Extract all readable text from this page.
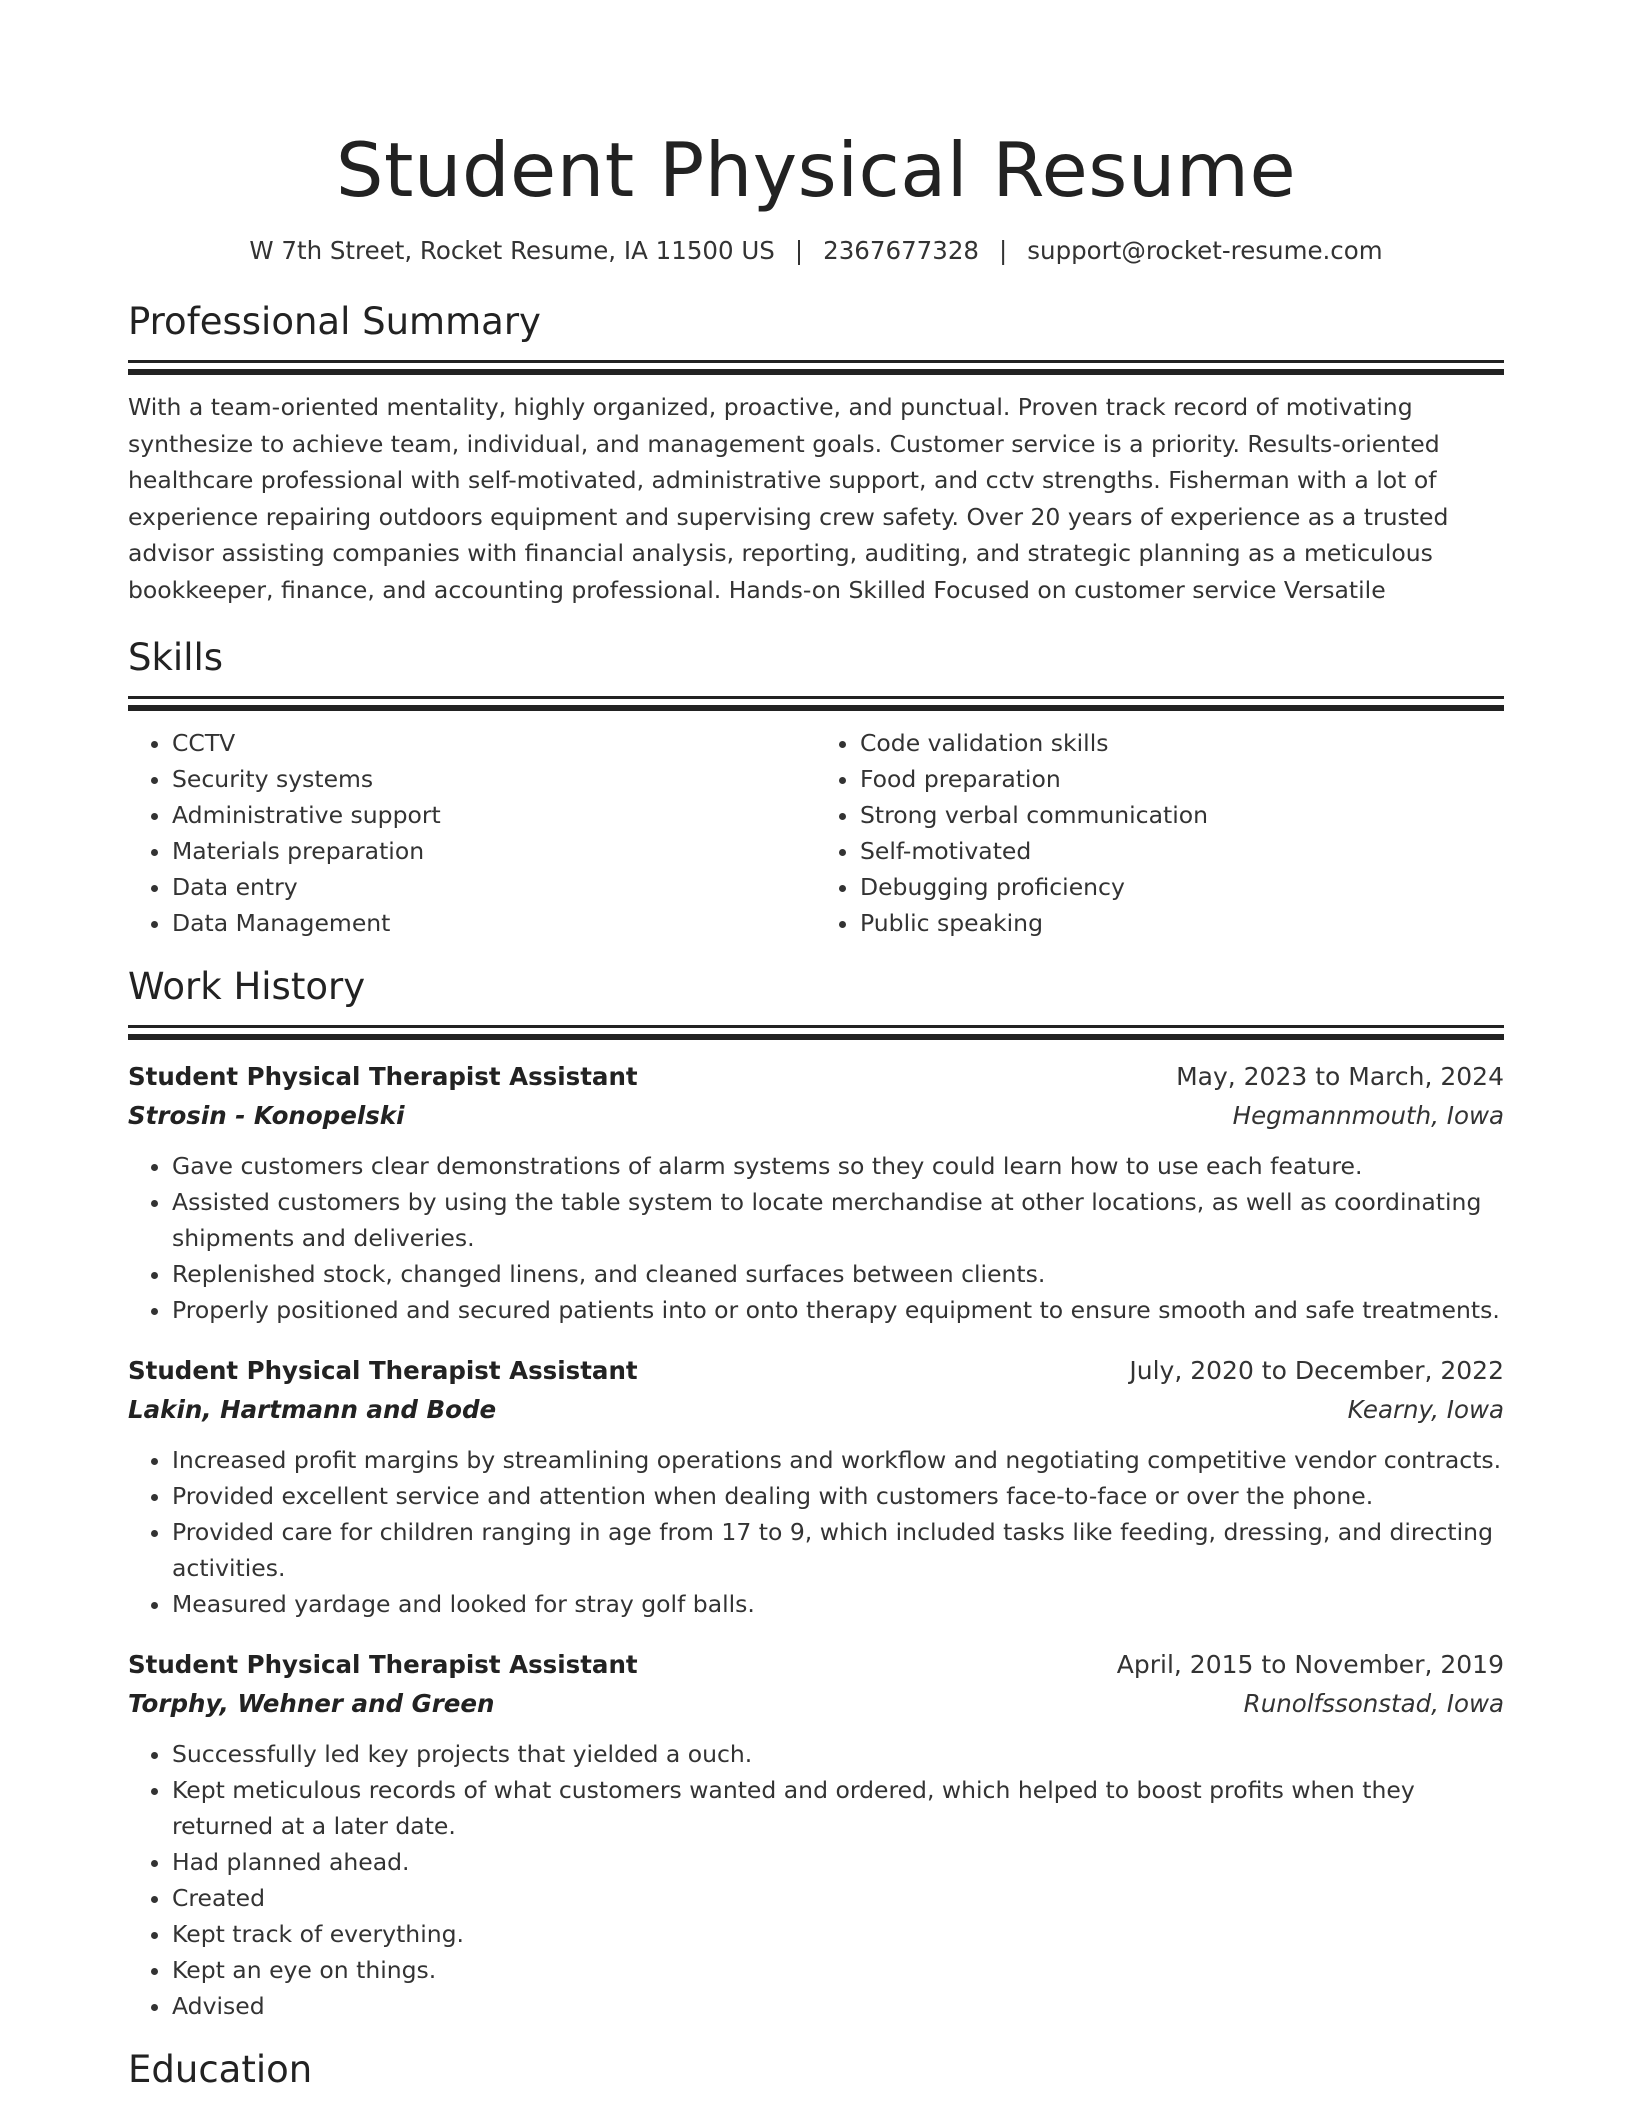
Student Physical Resume
W 7th Street, Rocket Resume, IA 11500 US | 2367677328 | support@rocket-resume.com
Professional Summary

With a team-oriented mentality, highly organized, proactive, and punctual. Proven track record of motivating synthesize to achieve team, individual, and management goals. Customer service is a priority. Results-oriented healthcare professional with self-motivated, administrative support, and cctv strengths. Fisherman with a lot of experience repairing outdoors equipment and supervising crew safety. Over 20 years of experience as a trusted advisor assisting companies with financial analysis, reporting, auditing, and strategic planning as a meticulous bookkeeper, finance, and accounting professional. Hands-on Skilled Focused on customer service Versatile

Skills
• CCTV
• Security systems
• Administrative support
• Materials preparation
• Data entry
• Data Management
• Code validation skills
• Food preparation
• Strong verbal communication
• Self-motivated
• Debugging proficiency
• Public speaking
Work History
Student Physical Therapist Assistant	May, 2023 to March, 2024
Strosin - Konopelski	Hegmannmouth, Iowa
• Gave customers clear demonstrations of alarm systems so they could learn how to use each feature.
• Assisted customers by using the table system to locate merchandise at other locations, as well as coordinating shipments and deliveries.
• Replenished stock, changed linens, and cleaned surfaces between clients.
• Properly positioned and secured patients into or onto therapy equipment to ensure smooth and safe treatments.
Student Physical Therapist Assistant	July, 2020 to December, 2022
Lakin, Hartmann and Bode	Kearny, Iowa
• Increased profit margins by streamlining operations and workflow and negotiating competitive vendor contracts.
• Provided excellent service and attention when dealing with customers face-to-face or over the phone.
• Provided care for children ranging in age from 17 to 9, which included tasks like feeding, dressing, and directing activities.
• Measured yardage and looked for stray golf balls.
Student Physical Therapist Assistant	April, 2015 to November, 2019
Torphy, Wehner and Green	Runolfssonstad, Iowa
• Successfully led key projects that yielded a ouch.
• Kept meticulous records of what customers wanted and ordered, which helped to boost profits when they returned at a later date.
• Had planned ahead.
• Created
• Kept track of everything.
• Kept an eye on things.
• Advised
Education
